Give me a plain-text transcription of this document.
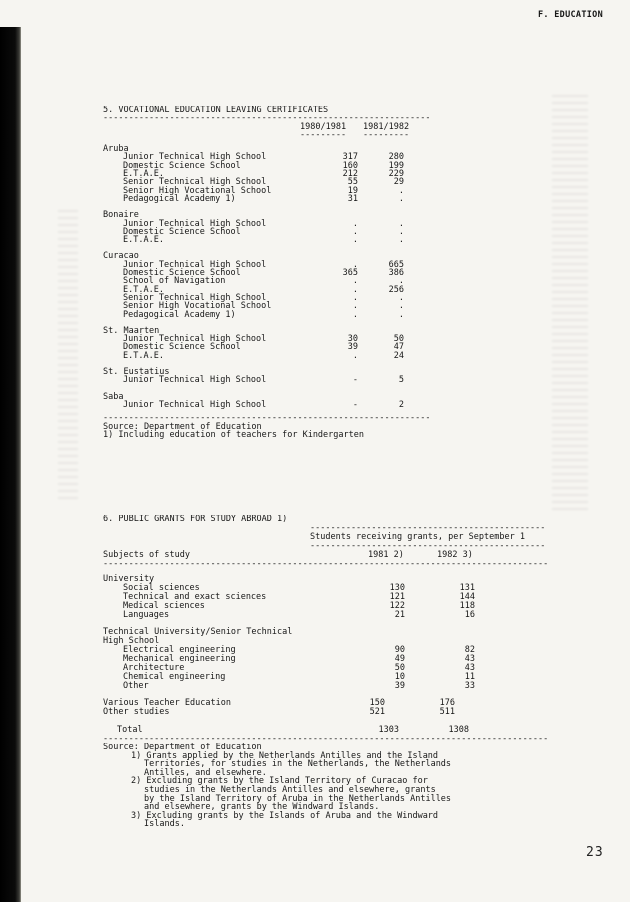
F. EDUCATION
5. VOCATIONAL EDUCATION LEAVING CERTIFICATES
----------------------------------------------------------------
1980/1981	1981/1982
---------	---------
Aruba
Junior Technical High School	317	280
Domestic Science School	160	199
E.T.A.E.	212	229
Senior Technical High School	55	29
Senior High Vocational School	19	.
Pedagogical Academy 1)	31	.
Bonaire
Junior Technical High School	.	.
Domestic Science School	.	.
E.T.A.E.	.	.
Curacao
Junior Technical High School	.	665
Domestic Science School	365	386
School of Navigation	.	.
E.T.A.E.	.	256
Senior Technical High School	.	.
Senior High Vocational School	.	.
Pedagogical Academy 1)	.	.
St. Maarten
Junior Technical High School	30	50
Domestic Science School	39	47
E.T.A.E.	.	24
St. Eustatius
Junior Technical High School	-	5
Saba
Junior Technical High School	-	2
----------------------------------------------------------------
Source: Department of Education
1) Including education of teachers for Kindergarten
6. PUBLIC GRANTS FOR STUDY ABROAD 1)
----------------------------------------------
Students receiving grants, per September 1
----------------------------------------------
Subjects of study	1981 2)	1982 3)
---------------------------------------------------------------------------------------
University
Social sciences	130	131
Technical and exact sciences	121	144
Medical sciences	122	118
Languages	21	16
Technical University/Senior Technical
High School
Electrical engineering	90	82
Mechanical engineering	49	43
Architecture	50	43
Chemical engineering	10	11
Other	39	33
Various Teacher Education	150	176
Other studies	521	511
Total	1303	1308
---------------------------------------------------------------------------------------
Source: Department of Education
1) Grants applied by the Netherlands Antilles and the Island
Territories, for studies in the Netherlands, the Netherlands
Antilles, and elsewhere.
2) Excluding grants by the Island Territory of Curacao for
studies in the Netherlands Antilles and elsewhere, grants
by the Island Territory of Aruba in the Netherlands Antilles
and elsewhere, grants by the Windward Islands.
3) Excluding grants by the Islands of Aruba and the Windward
Islands.
23
